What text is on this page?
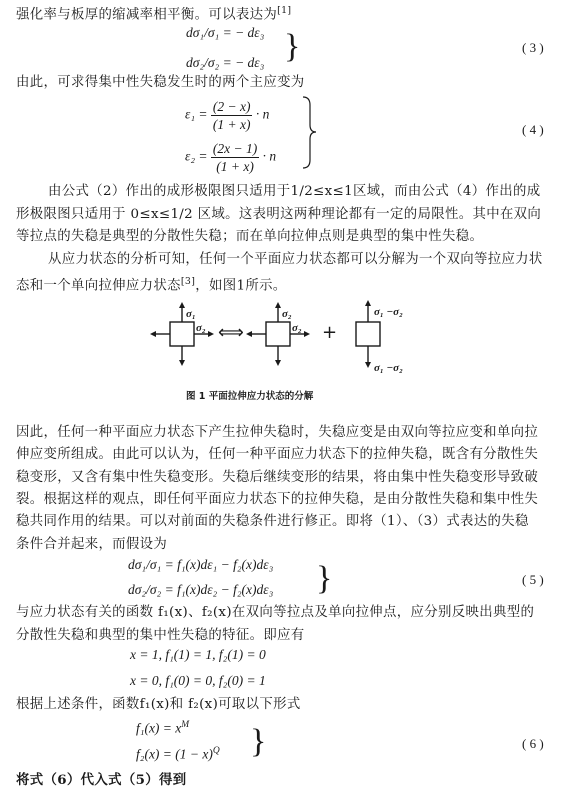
强化率与板厚的缩减率相平衡。可以表达为[1]
dσ₁/σ₁ = − dε₃
dσ₂/σ₂ = − dε₃ }	( 3 )
由此，可求得集中性失稳发生时的两个主应变为
$\varepsilon_1 = \frac{(2 - x)}{(1 + x)} \cdot n$
$\varepsilon_2 = \frac{(2x - 1)}{(1 + x)} \cdot n$
( 4 )
由公式（2）作出的成形极限图只适用于1/2≤x≤1区域，而由公式（4）作出的成
形极限图只适用于 0≤x≤1/2 区域。这表明这两种理论都有一定的局限性。其中在双向
等拉点的失稳是典型的分散性失稳；而在单向拉伸点则是典型的集中性失稳。
从应力状态的分析可知，任何一个平面应力状态都可以分解为一个双向等拉应力状
态和一个单向拉伸应力状态[3]，如图1所示。
σ₁
σ₂
σ₂
σ₂
σ₁ −σ₂
σ₁ −σ₂
⟺	+
图 1 平面拉伸应力状态的分解
因此，任何一种平面应力状态下产生拉伸失稳时，失稳应变是由双向等拉应变和单向拉
伸应变所组成。由此可以认为，任何一种平面应力状态下的拉伸失稳，既含有分散性失
稳变形，又含有集中性失稳变形。失稳后继续变形的结果，将由集中性失稳变形导致破
裂。根据这样的观点，即任何平面应力状态下的拉伸失稳，是由分散性失稳和集中性失
稳共同作用的结果。可以对前面的失稳条件进行修正。即将（1）、（3）式表达的失稳
条件合并起来，而假设为
dσ₁/σ₁ = f₁(x)dε₁ − f₂(x)dε₃
dσ₂/σ₂ = f₁(x)dε₂ − f₂(x)dε₃ }	( 5 )
与应力状态有关的函数 f₁(x)、f₂(x)在双向等拉点及单向拉伸点，应分别反映出典型的
分散性失稳和典型的集中性失稳的特征。即应有
x = 1, f₁(1) = 1, f₂(1) = 0
x = 0, f₁(0) = 0, f₂(0) = 1
根据上述条件，函数f₁(x)和 f₂(x)可取以下形式
$f_1(x) = x^M$
$f_2(x) = (1 - x)^Q$ }	( 6 )
将式（6）代入式（5）得到
